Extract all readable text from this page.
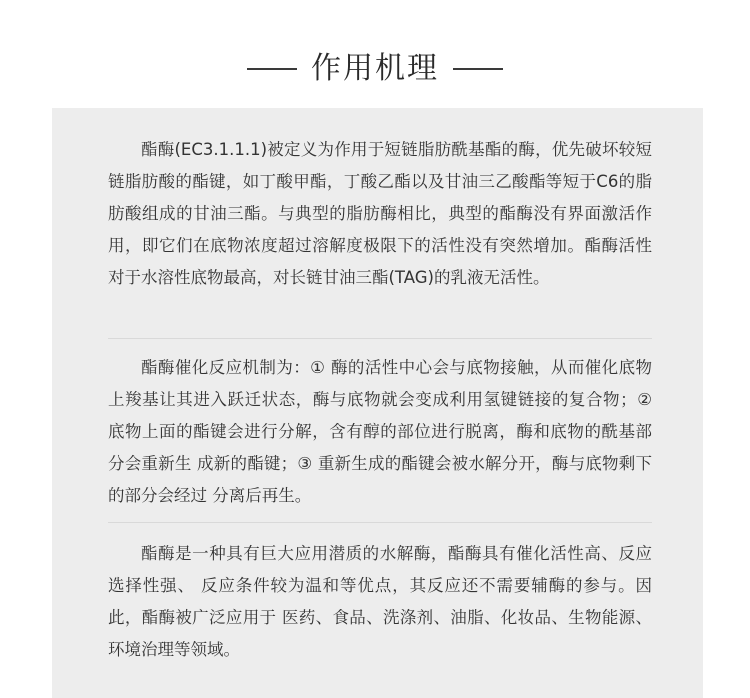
作用机理

酯酶(EC3.1.1.1)被定义为作用于短链脂肪酰基酯的酶，优先破坏较短链脂肪酸的酯键，如丁酸甲酯，丁酸乙酯以及甘油三乙酸酯等短于C6的脂肪酸组成的甘油三酯。与典型的脂肪酶相比，典型的酯酶没有界面激活作用，即它们在底物浓度超过溶解度极限下的活性没有突然增加。酯酶活性对于水溶性底物最高，对长链甘油三酯(TAG)的乳液无活性。

酯酶催化反应机制为：① 酶的活性中心会与底物接触，从而催化底物 上羧基让其进入跃迁状态，酶与底物就会变成利用氢键链接的复合物；② 底物上面的酯键会进行分解，含有醇的部位进行脱离，酶和底物的酰基部分会重新生 成新的酯键；③ 重新生成的酯键会被水解分开，酶与底物剩下的部分会经过 分离后再生。

酯酶是一种具有巨大应用潜质的水解酶，酯酶具有催化活性高、反应选择性强、 反应条件较为温和等优点，其反应还不需要辅酶的参与。因此，酯酶被广泛应用于 医药、食品、洗涤剂、油脂、化妆品、生物能源、环境治理等领域。
